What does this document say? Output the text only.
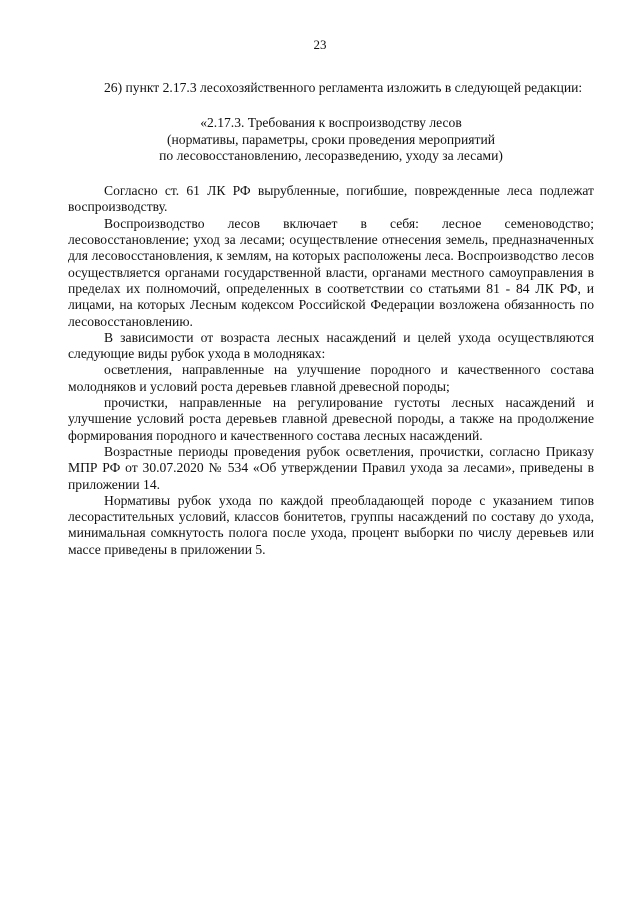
23

26) пункт 2.17.3 лесохозяйственного регламента изложить в следующей редакции:

«2.17.3. Требования к воспроизводству лесов

(нормативы, параметры, сроки проведения мероприятий

по лесовосстановлению, лесоразведению, уходу за лесами)

Согласно ст. 61 ЛК РФ вырубленные, погибшие, поврежденные леса подлежат воспроизводству.

Воспроизводство лесов включает в себя: лесное семеноводство; лесовосстановление; уход за лесами; осуществление отнесения земель, предназначенных для лесовосстановления, к землям, на которых расположены леса. Воспроизводство лесов осуществляется органами государственной власти, органами местного самоуправления в пределах их полномочий, определенных в соответствии со статьями 81 - 84 ЛК РФ, и лицами, на которых Лесным кодексом Российской Федерации возложена обязанность по лесовосстановлению.

В зависимости от возраста лесных насаждений и целей ухода осуществляются следующие виды рубок ухода в молодняках:

осветления, направленные на улучшение породного и качественного состава молодняков и условий роста деревьев главной древесной породы;

прочистки, направленные на регулирование густоты лесных насаждений и улучшение условий роста деревьев главной древесной породы, а также на продолжение формирования породного и качественного состава лесных насаждений.

Возрастные периоды проведения рубок осветления, прочистки, согласно Приказу МПР РФ от 30.07.2020 № 534 «Об утверждении Правил ухода за лесами», приведены в приложении 14.

Нормативы рубок ухода по каждой преобладающей породе с указанием типов лесорастительных условий, классов бонитетов, группы насаждений по составу до ухода, минимальная сомкнутость полога после ухода, процент выборки по числу деревьев или массе приведены в приложении 5.
